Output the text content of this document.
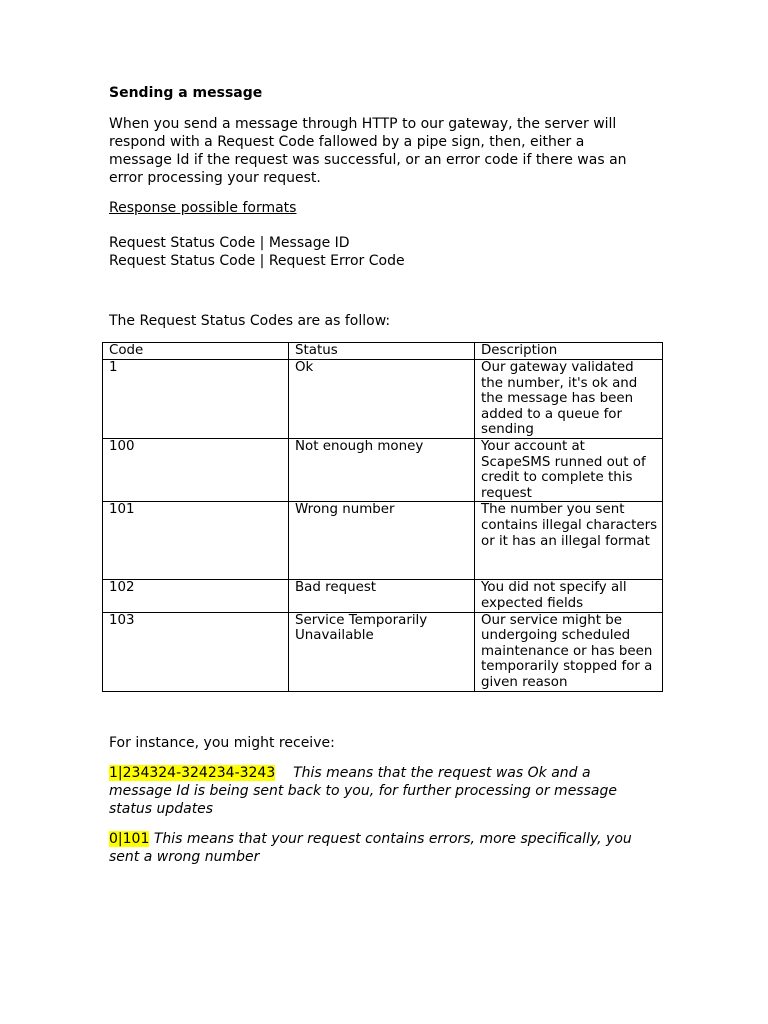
Sending a message
When you send a message through HTTP to our gateway, the server will
respond with a Request Code fallowed by a pipe sign, then, either a
message Id if the request was successful, or an error code if there was an
error processing your request.
Response possible formats
Request Status Code | Message ID
Request Status Code | Request Error Code
The Request Status Codes are as follow:
Code	Status	Description
1	Ok	Our gateway validated the number, it's ok and the message has been added to a queue for sending
100	Not enough money	Your account at ScapeSMS runned out of credit to complete this request
101	Wrong number	The number you sent contains illegal characters or it has an illegal format
102	Bad request	You did not specify all expected fields
103	Service Temporarily Unavailable	Our service might be undergoing scheduled maintenance or has been temporarily stopped for a given reason
For instance, you might receive:
1|234324-324234-3243 This means that the request was Ok and a
message Id is being sent back to you, for further processing or message
status updates
0|101 This means that your request contains errors, more specifically, you
sent a wrong number
